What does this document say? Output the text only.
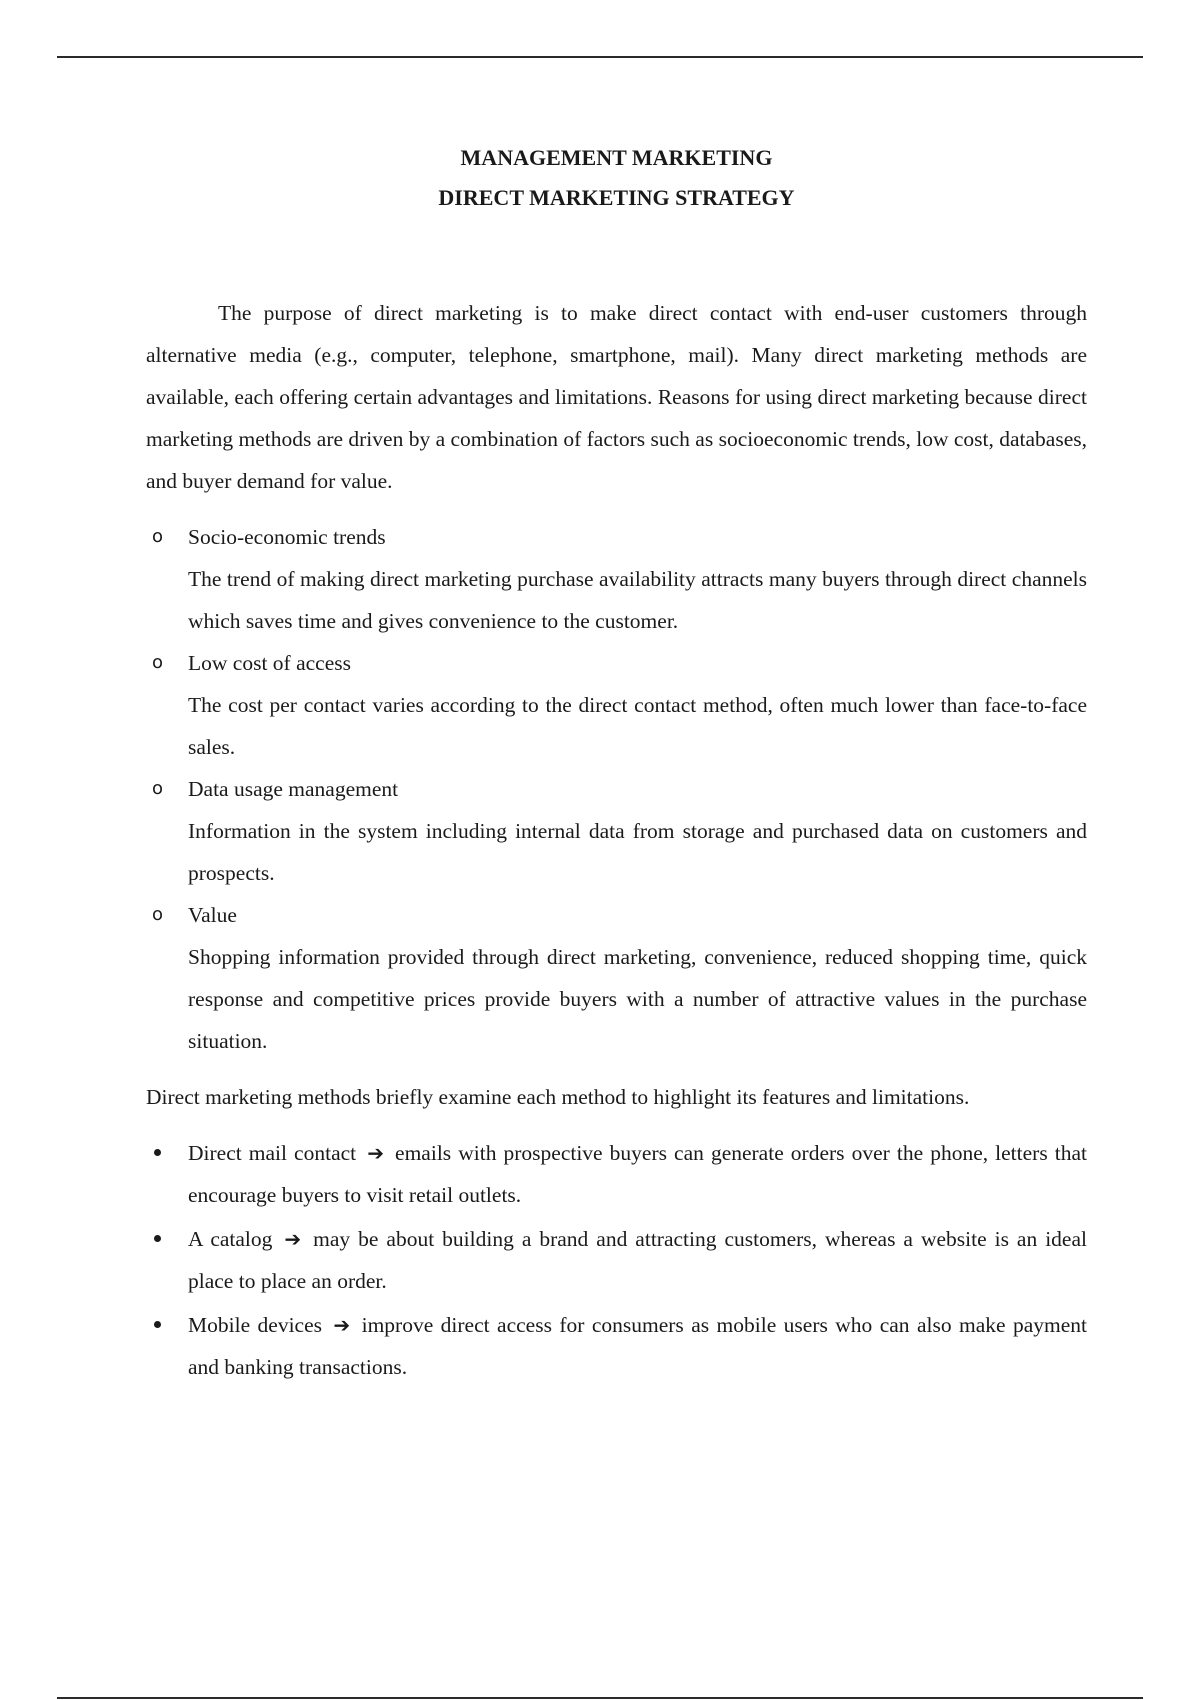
MANAGEMENT MARKETING
DIRECT MARKETING STRATEGY

The purpose of direct marketing is to make direct contact with end-user customers through alternative media (e.g., computer, telephone, smartphone, mail). Many direct marketing methods are available, each offering certain advantages and limitations. Reasons for using direct marketing because direct marketing methods are driven by a combination of factors such as socioeconomic trends, low cost, databases, and buyer demand for value.

o Socio-economic trends

The trend of making direct marketing purchase availability attracts many buyers through direct channels which saves time and gives convenience to the customer.

o Low cost of access

The cost per contact varies according to the direct contact method, often much lower than face-to-face sales.

o Data usage management

Information in the system including internal data from storage and purchased data on customers and prospects.

o Value

Shopping information provided through direct marketing, convenience, reduced shopping time, quick response and competitive prices provide buyers with a number of attractive values in the purchase situation.

Direct marketing methods briefly examine each method to highlight its features and limitations.

Direct mail contact ➔ emails with prospective buyers can generate orders over the phone, letters that encourage buyers to visit retail outlets.

A catalog ➔ may be about building a brand and attracting customers, whereas a website is an ideal place to place an order.

Mobile devices ➔ improve direct access for consumers as mobile users who can also make payment and banking transactions.
